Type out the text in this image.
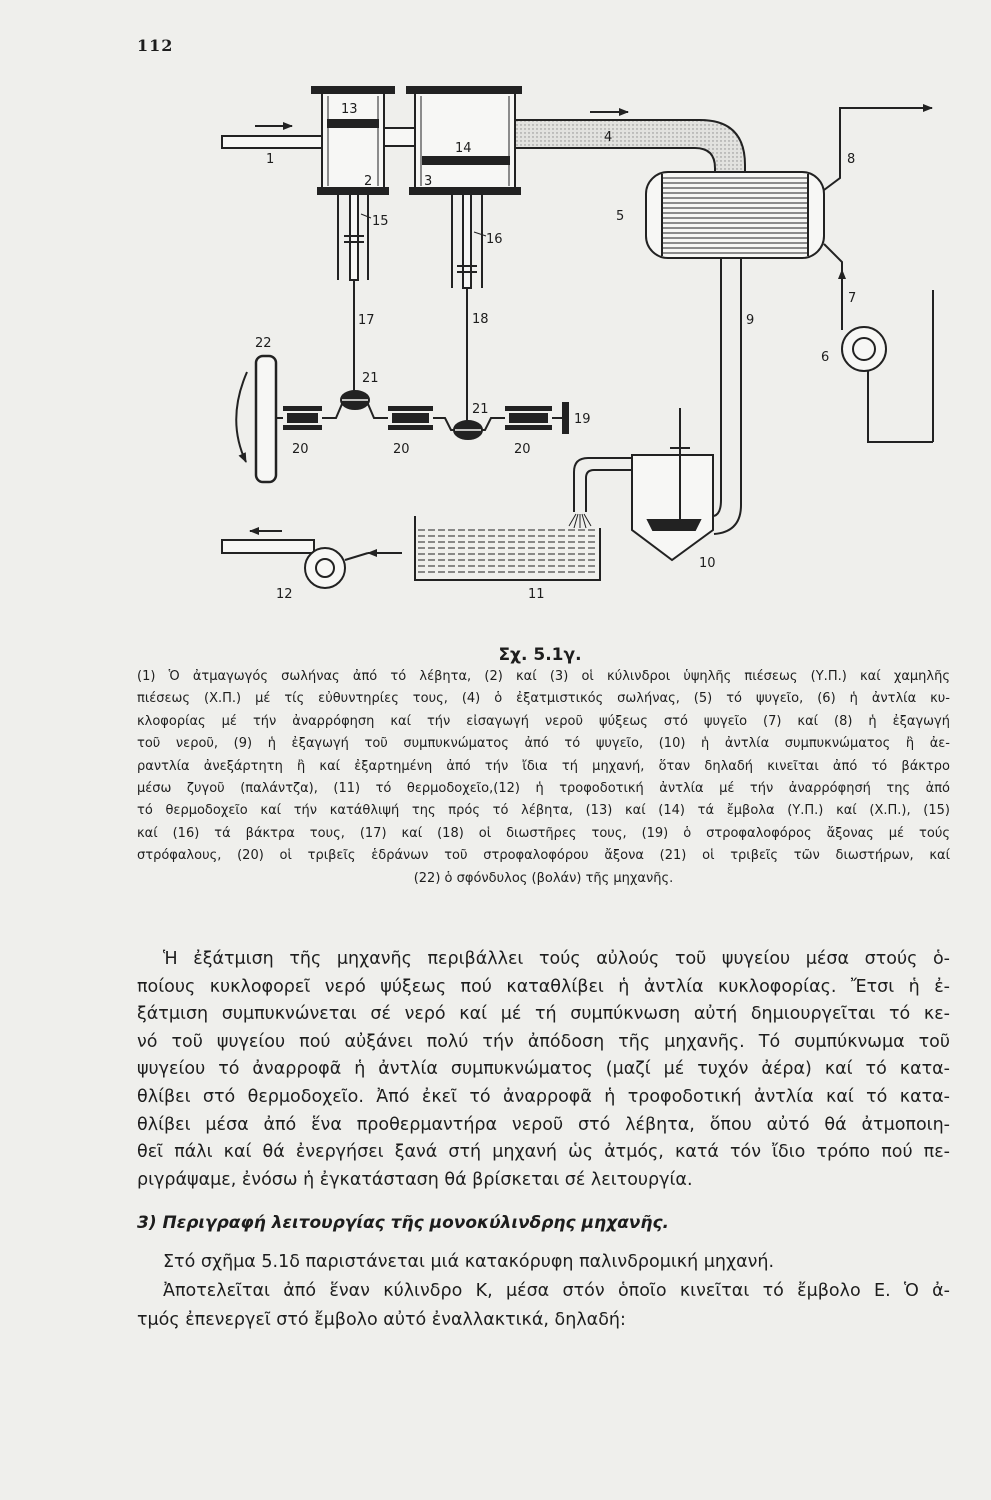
112
1
2	3
4
5
6
7
8
9
10
11
12
13
14
15
16
17	18
19
20	20	20
21
21
22
Σχ. 5.1γ.
(1) Ὁ ἀτμαγωγός σωλήνας ἀπό τό λέβητα, (2) καί (3) οἱ κύλινδροι ὑψηλῆς πιέσεως (Υ.Π.) καί χαμηλῆς
πιέσεως (Χ.Π.) μέ τίς εὐθυντηρίες τους, (4) ὁ ἐξατμιστικός σωλήνας, (5) τό ψυγεῖο, (6) ἡ ἀντλία κυ-
κλοφορίας μέ τήν ἀναρρόφηση καί τήν εἰσαγωγή νεροῦ ψύξεως στό ψυγεῖο (7) καί (8) ἡ ἐξαγωγή
τοῦ νεροῦ, (9) ἡ ἐξαγωγή τοῦ συμπυκνώματος ἀπό τό ψυγεῖο, (10) ἡ ἀντλία συμπυκνώματος ἢ ἀε-
ραντλία ἀνεξάρτητη ἢ καί ἐξαρτημένη ἀπό τήν ἴδια τή μηχανή, ὅταν δηλαδή κινεῖται ἀπό τό βάκτρο
μέσω ζυγοῦ (παλάντζα), (11) τό θερμοδοχεῖο,(12) ἡ τροφοδοτική ἀντλία μέ τήν ἀναρρόφησή της ἀπό
τό θερμοδοχεῖο καί τήν κατάθλιψή της πρός τό λέβητα, (13) καί (14) τά ἔμβολα (Υ.Π.) καί (Χ.Π.), (15)
καί (16) τά βάκτρα τους, (17) καί (18) οἱ διωστῆρες τους, (19) ὁ στροφαλοφόρος ἄξονας μέ τούς
στρόφαλους, (20) οἱ τριβεῖς ἑδράνων τοῦ στροφαλοφόρου ἄξονα (21) οἱ τριβεῖς τῶν διωστήρων, καί
(22) ὁ σφόνδυλος (βολάν) τῆς μηχανῆς.
Ἡ ἐξάτμιση τῆς μηχανῆς περιβάλλει τούς αὐλούς τοῦ ψυγείου μέσα στούς ὁ-
ποίους κυκλοφορεῖ νερό ψύξεως πού καταθλίβει ἡ ἀντλία κυκλοφορίας. Ἔτσι ἡ ἐ-
ξάτμιση συμπυκνώνεται σέ νερό καί μέ τή συμπύκνωση αὐτή δημιουργεῖται τό κε-
νό τοῦ ψυγείου πού αὐξάνει πολύ τήν ἀπόδοση τῆς μηχανῆς. Τό συμπύκνωμα τοῦ
ψυγείου τό ἀναρροφᾶ ἡ ἀντλία συμπυκνώματος (μαζί μέ τυχόν ἀέρα) καί τό κατα-
θλίβει στό θερμοδοχεῖο. Ἀπό ἐκεῖ τό ἀναρροφᾶ ἡ τροφοδοτική ἀντλία καί τό κατα-
θλίβει μέσα ἀπό ἕνα προθερμαντήρα νεροῦ στό λέβητα, ὅπου αὐτό θά ἀτμοποιη-
θεῖ πάλι καί θά ἐνεργήσει ξανά στή μηχανή ὡς ἀτμός, κατά τόν ἴδιο τρόπο πού πε-
ριγράψαμε, ἐνόσω ἡ ἐγκατάσταση θά βρίσκεται σέ λειτουργία.
3) Περιγραφή λειτουργίας τῆς μονοκύλινδρης μηχανῆς.
Στό σχῆμα 5.1δ παριστάνεται μιά κατακόρυφη παλινδρομική μηχανή.
Ἀποτελεῖται ἀπό ἕναν κύλινδρο Κ, μέσα στόν ὁποῖο κινεῖται τό ἔμβολο Ε. Ὁ ἀ-
τμός ἐπενεργεῖ στό ἔμβολο αὐτό ἐναλλακτικά, δηλαδή:
